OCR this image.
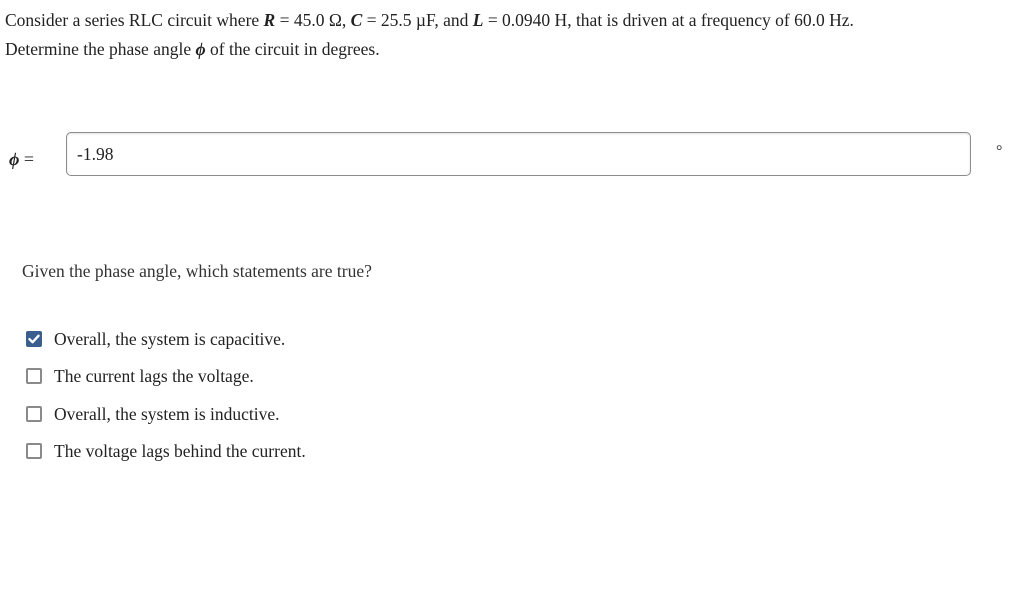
Consider a series RLC circuit where R = 45.0 Ω, C = 25.5 µF, and L = 0.0940 H, that is driven at a frequency of 60.0 Hz.
Determine the phase angle ϕ of the circuit in degrees.
ϕ =
-1.98	°
Given the phase angle, which statements are true?
Overall, the system is capacitive.
The current lags the voltage.
Overall, the system is inductive.
The voltage lags behind the current.
